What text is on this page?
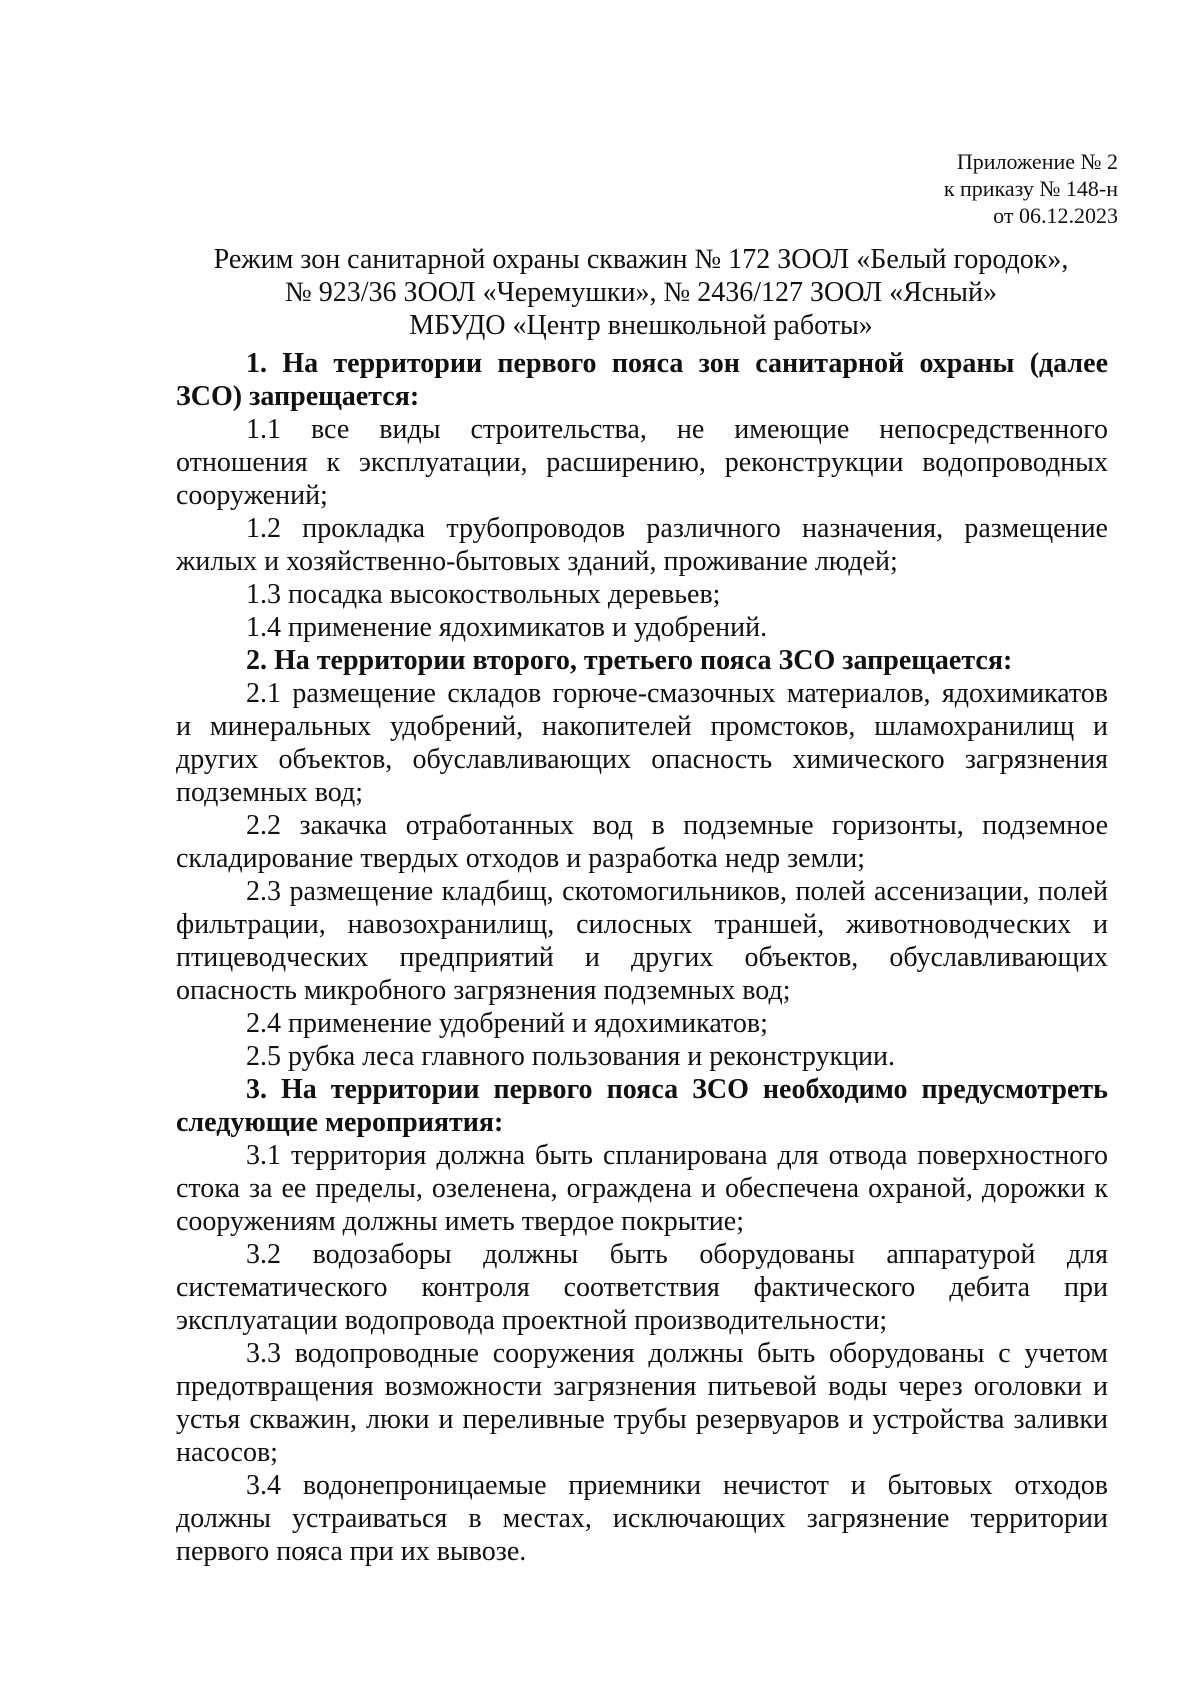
Приложение № 2
к приказу № 148-н
от 06.12.2023
Режим зон санитарной охраны скважин № 172 ЗООЛ «Белый городок»,
№ 923/36 ЗООЛ «Черемушки», № 2436/127 ЗООЛ «Ясный»
МБУДО «Центр внешкольной работы»

1. На территории первого пояса зон санитарной охраны (далее ЗСО) запрещается:

1.1 все виды строительства, не имеющие непосредственного отношения к эксплуатации, расширению, реконструкции водопроводных сооружений;

1.2 прокладка трубопроводов различного назначения, размещение жилых и хозяйственно-бытовых зданий, проживание людей;

1.3 посадка высокоствольных деревьев;

1.4 применение ядохимикатов и удобрений.

2. На территории второго, третьего пояса ЗСО запрещается:

2.1 размещение складов горюче-смазочных материалов, ядохимикатов и минеральных удобрений, накопителей промстоков, шламохранилищ и других объектов, обуславливающих опасность химического загрязнения подземных вод;

2.2 закачка отработанных вод в подземные горизонты, подземное складирование твердых отходов и разработка недр земли;

2.3 размещение кладбищ, скотомогильников, полей ассенизации, полей фильтрации, навозохранилищ, силосных траншей, животноводческих и птицеводческих предприятий и других объектов, обуславливающих опасность микробного загрязнения подземных вод;

2.4 применение удобрений и ядохимикатов;

2.5 рубка леса главного пользования и реконструкции.

3. На территории первого пояса ЗСО необходимо предусмотреть следующие мероприятия:

3.1 территория должна быть спланирована для отвода поверхностного стока за ее пределы, озеленена, ограждена и обеспечена охраной, дорожки к сооружениям должны иметь твердое покрытие;

3.2 водозаборы должны быть оборудованы аппаратурой для систематического контроля соответствия фактического дебита при эксплуатации водопровода проектной производительности;

3.3 водопроводные сооружения должны быть оборудованы с учетом предотвращения возможности загрязнения питьевой воды через оголовки и устья скважин, люки и переливные трубы резервуаров и устройства заливки насосов;

3.4 водонепроницаемые приемники нечистот и бытовых отходов должны устраиваться в местах, исключающих загрязнение территории первого пояса при их вывозе.
